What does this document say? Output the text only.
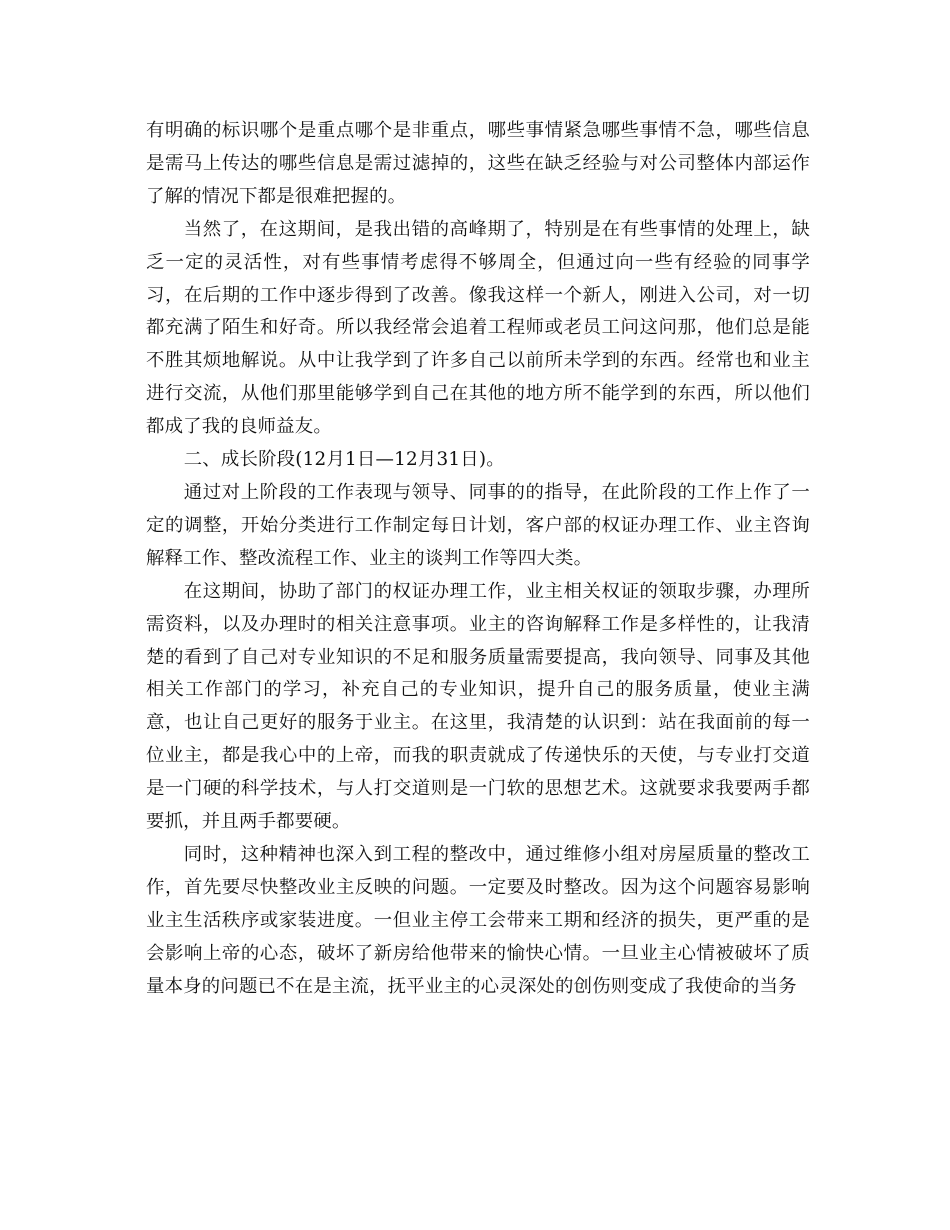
有明确的标识哪个是重点哪个是非重点，哪些事情紧急哪些事情不急，哪些信息是需马上传达的哪些信息是需过滤掉的，这些在缺乏经验与对公司整体内部运作了解的情况下都是很难把握的。

当然了，在这期间，是我出错的高峰期了，特别是在有些事情的处理上，缺乏一定的灵活性，对有些事情考虑得不够周全，但通过向一些有经验的同事学习，在后期的工作中逐步得到了改善。像我这样一个新人，刚进入公司，对一切都充满了陌生和好奇。所以我经常会追着工程师或老员工问这问那，他们总是能不胜其烦地解说。从中让我学到了许多自己以前所未学到的东西。经常也和业主进行交流，从他们那里能够学到自己在其他的地方所不能学到的东西，所以他们都成了我的良师益友。

二、成长阶段(12月1日—12月31日)。

通过对上阶段的工作表现与领导、同事的的指导，在此阶段的工作上作了一定的调整，开始分类进行工作制定每日计划，客户部的权证办理工作、业主咨询解释工作、整改流程工作、业主的谈判工作等四大类。

在这期间，协助了部门的权证办理工作，业主相关权证的领取步骤，办理所需资料，以及办理时的相关注意事项。业主的咨询解释工作是多样性的，让我清楚的看到了自己对专业知识的不足和服务质量需要提高，我向领导、同事及其他相关工作部门的学习，补充自己的专业知识，提升自己的服务质量，使业主满意，也让自己更好的服务于业主。在这里，我清楚的认识到：站在我面前的每一位业主，都是我心中的上帝，而我的职责就成了传递快乐的天使，与专业打交道是一门硬的科学技术，与人打交道则是一门软的思想艺术。这就要求我要两手都要抓，并且两手都要硬。

同时，这种精神也深入到工程的整改中，通过维修小组对房屋质量的整改工作，首先要尽快整改业主反映的问题。一定要及时整改。因为这个问题容易影响业主生活秩序或家装进度。一但业主停工会带来工期和经济的损失，更严重的是会影响上帝的心态，破坏了新房给他带来的愉快心情。一旦业主心情被破坏了质量本身的问题已不在是主流，抚平业主的心灵深处的创伤则变成了我使命的当务
